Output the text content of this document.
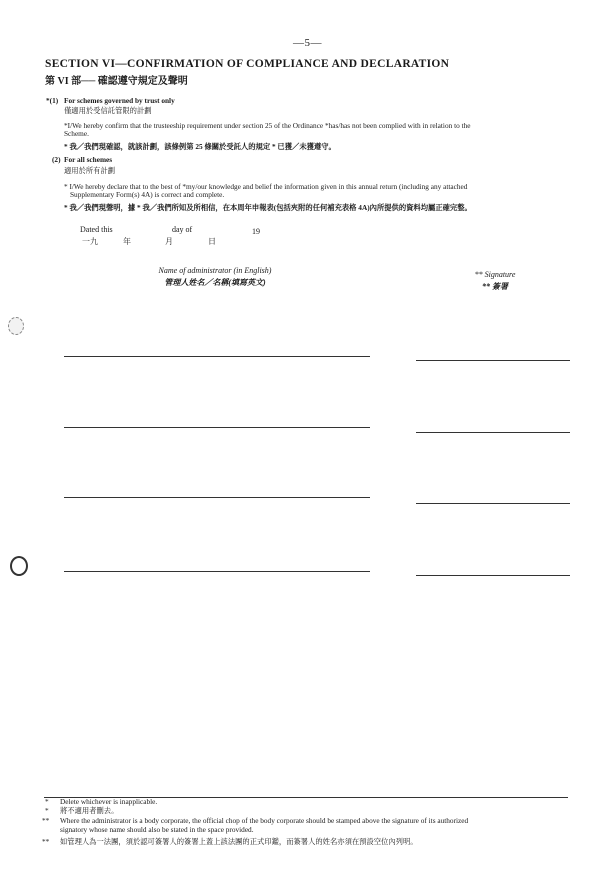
—5—
SECTION VI—CONFIRMATION OF COMPLIANCE AND DECLARATION
第 VI 部── 確認遵守規定及聲明
*(1) For schemes governed by trust only
僅適用於受信託管限的計劃
*I/We hereby confirm that the trusteeship requirement under section 25 of the Ordinance *has/has not been complied with in relation to the
Scheme.
* 我／我們現確認，就該計劃，該條例第 25 條關於受託人的規定 * 已獲／未獲遵守。
(2) For all schemes
適用於所有計劃
* I/We hereby declare that to the best of *my/our knowledge and belief the information given in this annual return (including any attached
Supplementary Form(s) 4A) is correct and complete.
* 我／我們現聲明，據 * 我／我們所知及所相信，在本周年申報表(包括夾附的任何補充表格 4A)內所提供的資料均屬正確完整。
Dated this	day of	19
一九	年	月	日
Name of administrator (in English)
管理人姓名／名稱(填寫英文)
** Signature
** 簽署
* Delete whichever is inapplicable.
* 將不適用者刪去。
** Where the administrator is a body corporate, the official chop of the body corporate should be stamped above the signature of its authorized
signatory whose name should also be stated in the space provided.
** 如管理人為一法團，須於認可簽署人的簽署上蓋上該法團的正式印鑑，而簽署人的姓名亦須在預設空位內列明。
